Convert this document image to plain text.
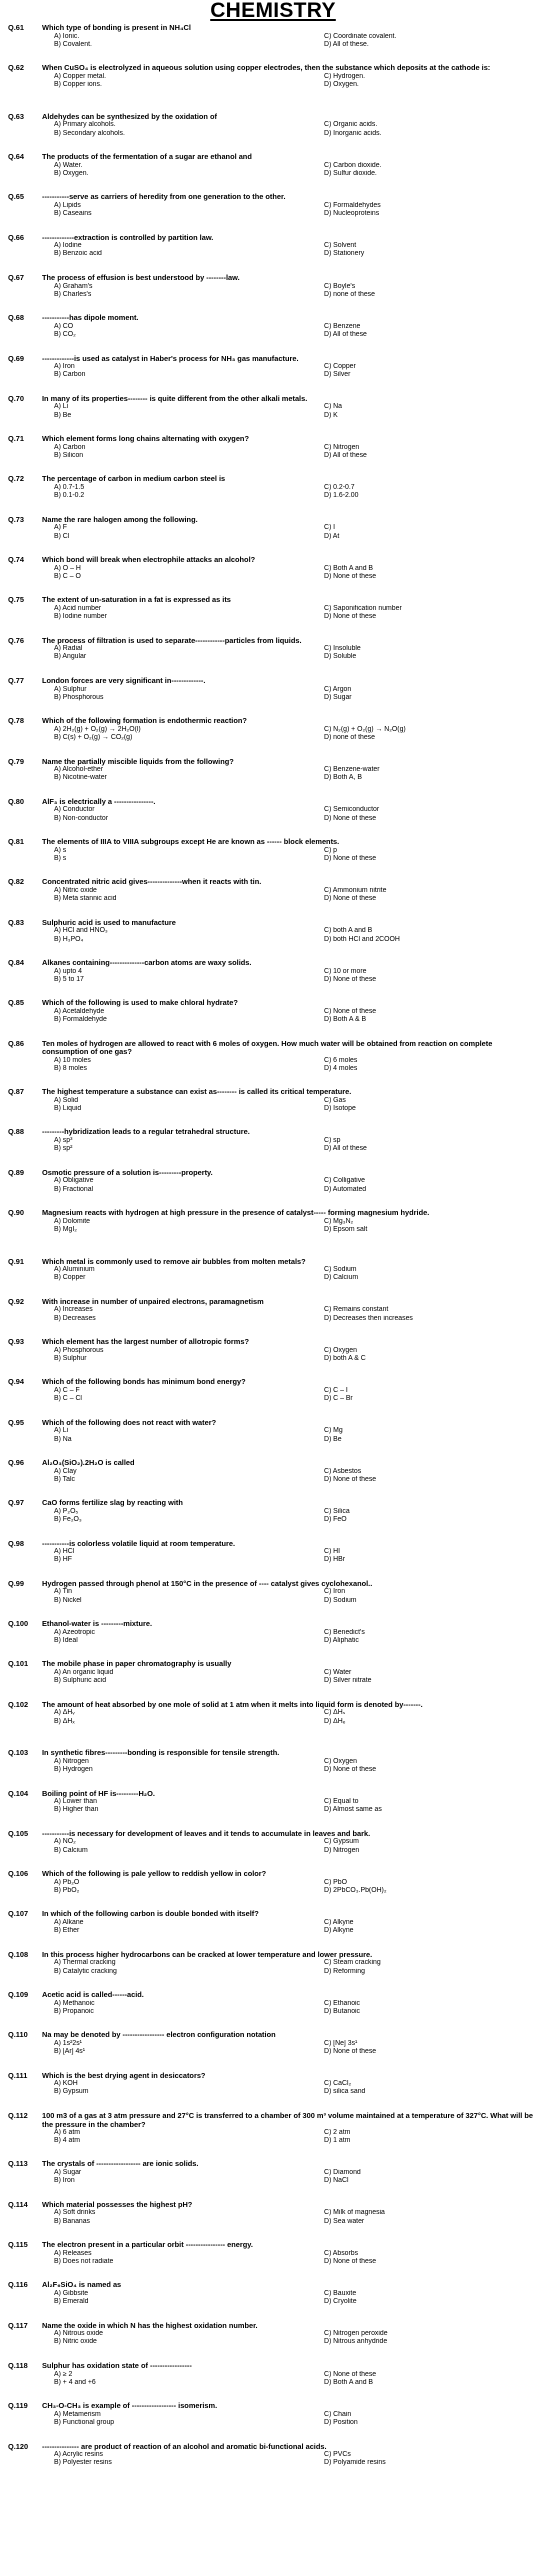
CHEMISTRY
Q.61	Which type of bonding is present in NH₄Cl
A) Ionic.	C) Coordinate covalent.
B) Covalent.	D) All of these.
Q.62	When CuSO₄ is electrolyzed in aqueous solution using copper electrodes, then the substance which deposits at the cathode is:
A) Copper metal.	C) Hydrogen.
B) Copper ions.	D) Oxygen.
Q.63	Aldehydes can be synthesized by the oxidation of
A) Primary alcohols.	C) Organic acids.
B) Secondary alcohols.	D) Inorganic acids.
Q.64	The products of the fermentation of a sugar are ethanol and
A) Water.	C) Carbon dioxide.
B) Oxygen.	D) Sulfur dioxide.
Q.65	-----------serve as carriers of heredity from one generation to the other.
A) Lipids	C) Formaldehydes
B) Caseains	D) Nucleoproteins
Q.66	-------------extraction is controlled by partition law.
A) Iodine	C) Solvent
B) Benzoic acid	D) Stationery
Q.67	The process of effusion is best understood by --------law.
A) Graham's	C) Boyle's
B) Charles's	D) none of these
Q.68	-----------has dipole moment.
A) CO	C) Benzene
B) CO₂	D) All of these
Q.69	-------------is used as catalyst in Haber's process for NH₃ gas manufacture.
A) Iron	C) Copper
B) Carbon	D) Silver
Q.70	In many of its properties-------- is quite different from the other alkali metals.
A) Li	C) Na
B) Be	D) K
Q.71	Which element forms long chains alternating with oxygen?
A) Carbon	C) Nitrogen
B) Silicon	D) All of these
Q.72	The percentage of carbon in medium carbon steel is
A) 0.7-1.5	C) 0.2-0.7
B) 0.1-0.2	D) 1.6-2.00
Q.73	Name the rare halogen among the following.
A) F	C) I
B) Cl	D) At
Q.74	Which bond will break when electrophile attacks an alcohol?
A) O – H	C) Both A and B
B) C – O	D) None of these
Q.75	The extent of un-saturation in a fat is expressed as its
A) Acid number	C) Saponification number
B) Iodine number	D) None of these
Q.76	The process of filtration is used to separate------------particles from liquids.
A) Radial	C) Insoluble
B) Angular	D) Soluble
Q.77	London forces are very significant in-------------.
A) Sulphur	C) Argon
B) Phosphorous	D) Sugar
Q.78	Which of the following formation is endothermic reaction?
A) 2H₂(g) + O₂(g) → 2H₂O(l)	C) N₂(g) + O₂(g) → N₂O(g)
B) C(s) + O₂(g) → CO₂(g)	D) none of these
Q.79	Name the partially miscible liquids from the following?
A) Alcohol-ether	C) Benzene-water
B) Nicotine-water	D) Both A, B
Q.80	AlF₃ is electrically a ----------------.
A) Conductor	C) Semiconductor
B) Non-conductor	D) None of these
Q.81	The elements of IIIA to VIIIA subgroups except He are known as ------ block elements.
A) s	C) p
B) s	D) None of these
Q.82	Concentrated nitric acid gives--------------when it reacts with tin.
A) Nitric oxide	C) Ammonium nitrite
B) Meta stannic acid	D) None of these
Q.83	Sulphuric acid is used to manufacture
A) HCl and HNO₃	C) both A and B
B) H₃PO₄	D) both HCl and 2COOH
Q.84	Alkanes containing--------------carbon atoms are waxy solids.
A) upto 4	C) 10 or more
B) 5 to 17	D) None of these
Q.85	Which of the following is used to make chloral hydrate?
A) Acetaldehyde	C) None of these
B) Formaldehyde	D) Both A & B
Q.86	Ten moles of hydrogen are allowed to react with 6 moles of oxygen. How much water will be obtained from reaction on complete consumption of one gas?
A) 10 moles	C) 6 moles
B) 8 moles	D) 4 moles
Q.87	The highest temperature a substance can exist as-------- is called its critical temperature.
A) Solid	C) Gas
B) Liquid	D) Isotope
Q.88	---------hybridization leads to a regular tetrahedral structure.
A) sp³	C) sp
B) sp²	D) All of these
Q.89	Osmotic pressure of a solution is---------property.
A) Obligative	C) Colligative
B) Fractional	D) Automated
Q.90	Magnesium reacts with hydrogen at high pressure in the presence of catalyst----- forming magnesium hydride.
A) Dolomite	C) Mg₃N₂
B) MgI₂	D) Epsom salt
Q.91	Which metal is commonly used to remove air bubbles from molten metals?
A) Aluminium	C) Sodium
B) Copper	D) Calcium
Q.92	With increase in number of unpaired electrons, paramagnetism
A) Increases	C) Remains constant
B) Decreases	D) Decreases then increases
Q.93	Which element has the largest number of allotropic forms?
A) Phosphorous	C) Oxygen
B) Sulphur	D) both A & C
Q.94	Which of the following bonds has minimum bond energy?
A) C – F	C) C – I
B) C – Cl	D) C – Br
Q.95	Which of the following does not react with water?
A) Li	C) Mg
B) Na	D) Be
Q.96	Al₂O₃(SiO₂).2H₂O is called
A) Clay	C) Asbestos
B) Talc	D) None of these
Q.97	CaO forms fertilize slag by reacting with
A) P₂O₅	C) Silica
B) Fe₂O₃	D) FeO
Q.98	-----------is colorless volatile liquid at room temperature.
A) HCl	C) HI
B) HF	D) HBr
Q.99	Hydrogen passed through phenol at 150°C in the presence of ---- catalyst gives cyclohexanol..
A) Tin	C) Iron
B) Nickel	D) Sodium
Q.100	Ethanol-water is ---------mixture.
A) Azeotropic	C) Benedict's
B) Ideal	D) Aliphatic
Q.101	The mobile phase in paper chromatography is usually
A) An organic liquid	C) Water
B) Sulphuric acid	D) Silver nitrate
Q.102	The amount of heat absorbed by one mole of solid at 1 atm when it melts into liquid form is denoted by-------.
A) ΔHᵥ	C) ΔHₛ
B) ΔHₓ	D) ΔHₑ
Q.103	In synthetic fibres---------bonding is responsible for tensile strength.
A) Nitrogen	C) Oxygen
B) Hydrogen	D) None of these
Q.104	Boiling point of HF is---------H₂O.
A) Lower than	C) Equal to
B) Higher than	D) Almost same as
Q.105	-----------is necessary for development of leaves and it tends to accumulate in leaves and bark.
A) NO₂	C) Gypsum
B) Calcium	D) Nitrogen
Q.106	Which of the following is pale yellow to reddish yellow in color?
A) Pb₂O	C) PbO
B) PbO₂	D) 2PbCO₃.Pb(OH)₂
Q.107	In which of the following carbon is double bonded with itself?
A) Alkane	C) Alkyne
B) Ether	D) Alkyne
Q.108	In this process higher hydrocarbons can be cracked at lower temperature and lower pressure.
A) Thermal cracking	C) Steam cracking
B) Catalytic cracking	D) Reforming
Q.109	Acetic acid is called------acid.
A) Methanoic	C) Ethanoic
B) Propanoic	D) Butanoic
Q.110	Na may be denoted by ----------------- electron configuration notation
A) 1s²2s¹	C) [Ne] 3s¹
B) [Ar] 4s¹	D) None of these
Q.111	Which is the best drying agent in desiccators?
A) KOH	C) CaCl₂
B) Gypsum	D) silica sand
Q.112	100 m3 of a gas at 3 atm pressure and 27°C is transferred to a chamber of 300 m³ volume maintained at a temperature of 327°C. What will be the pressure in the chamber?
A) 6 atm	C) 2 atm
B) 4 atm	D) 1 atm
Q.113	The crystals of ------------------ are ionic solids.
A) Sugar	C) Diamond
B) Iron	D) NaCl
Q.114	Which material possesses the highest pH?
A) Soft drinks	C) Milk of magnesia
B) Bananas	D) Sea water
Q.115	The electron present in a particular orbit ---------------- energy.
A) Releases	C) Absorbs
B) Does not radiate	D) None of these
Q.116	Al₂F₆SiO₄ is named as
A) Gibbsite	C) Bauxite
B) Emerald	D) Cryolite
Q.117	Name the oxide in which N has the highest oxidation number.
A) Nitrous oxide	C) Nitrogen peroxide
B) Nitric oxide	D) Nitrous anhydride
Q.118	Sulphur has oxidation state of -----------------
A) ≥ 2	C) None of these
B) + 4 and +6	D) Both A and B
Q.119	CH₃-O-CH₃ is example of ------------------ isomerism.
A) Metamerism	C) Chain
B) Functional group	D) Position
Q.120	--------------- are product of reaction of an alcohol and aromatic bi-functional acids.
A) Acrylic resins	C) PVCs
B) Polyester resins	D) Polyamide resins
